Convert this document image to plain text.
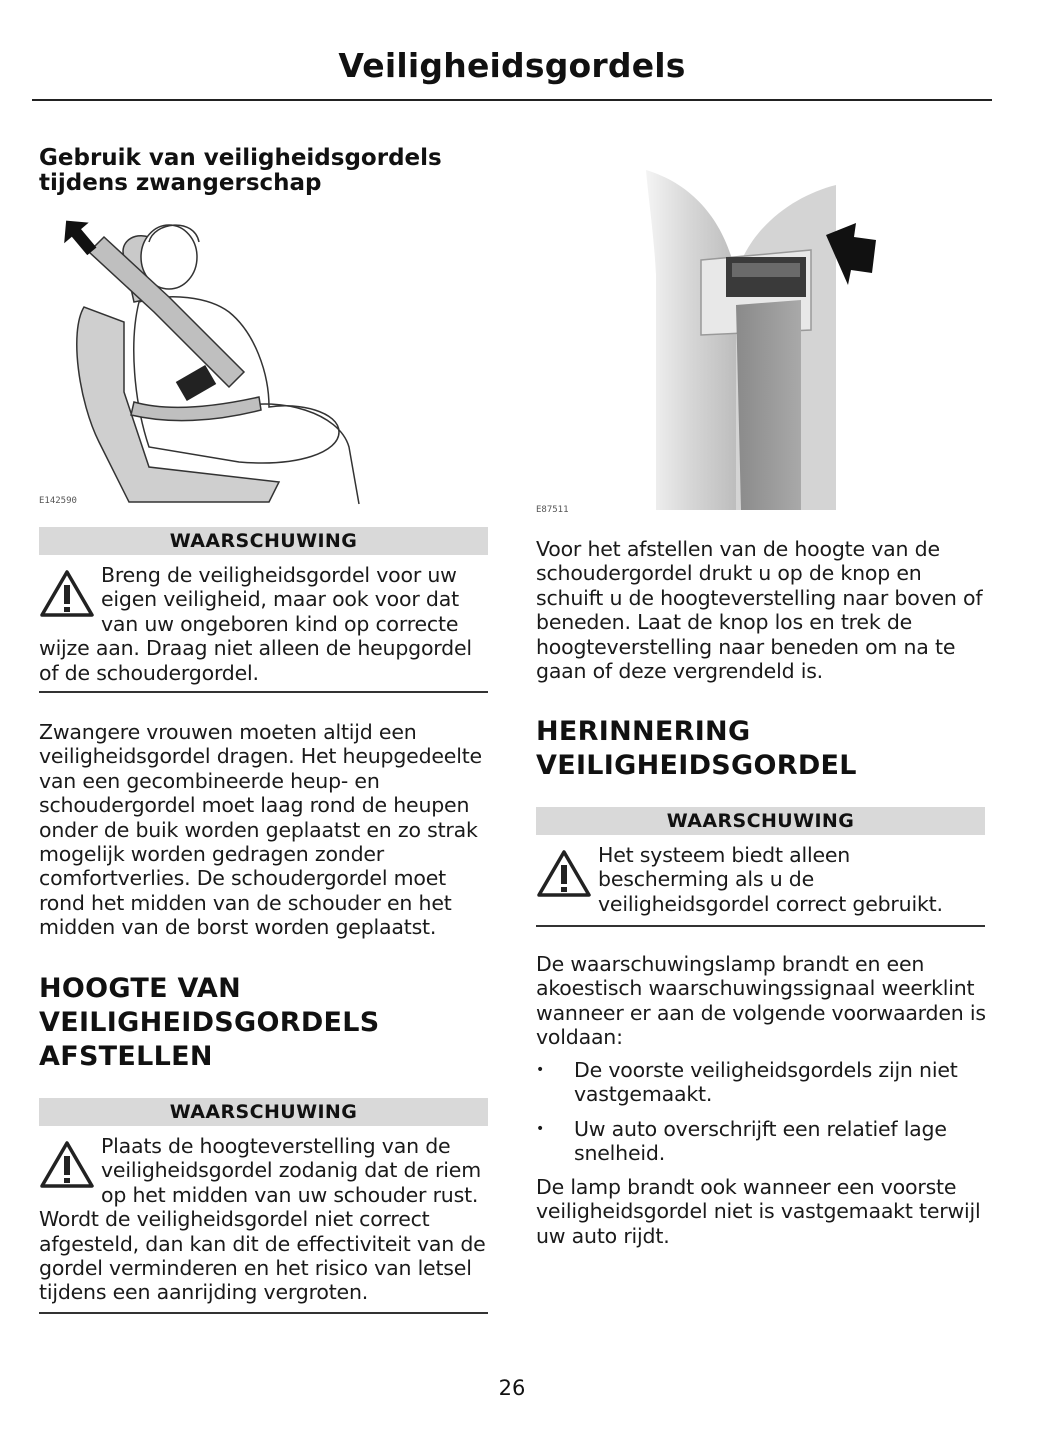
Veiligheidsgordels
Gebruik van veiligheidsgordels
tijdens zwangerschap
E142590
WAARSCHUWING

Breng de veiligheidsgordel voor uw eigen veiligheid, maar ook voor dat van uw ongeboren kind op correcte wijze aan. Draag niet alleen de heupgordel of de schoudergordel.

Zwangere vrouwen moeten altijd een veiligheidsgordel dragen. Het heupgedeelte van een gecombineerde heup- en schoudergordel moet laag rond de heupen onder de buik worden geplaatst en zo strak mogelijk worden gedragen zonder comfortverlies. De schoudergordel moet rond het midden van de schouder en het midden van de borst worden geplaatst.

HOOGTE VAN
VEILIGHEIDSGORDELS
AFSTELLEN
WAARSCHUWING

Plaats de hoogteverstelling van de veiligheidsgordel zodanig dat de riem op het midden van uw schouder rust. Wordt de veiligheidsgordel niet correct afgesteld, dan kan dit de effectiviteit van de gordel verminderen en het risico van letsel tijdens een aanrijding vergroten.

E87511

Voor het afstellen van de hoogte van de schoudergordel drukt u op de knop en schuift u de hoogteverstelling naar boven of beneden. Laat de knop los en trek de hoogteverstelling naar beneden om na te gaan of deze vergrendeld is.

HERINNERING
VEILIGHEIDSGORDEL
WAARSCHUWING

Het systeem biedt alleen bescherming als u de veiligheidsgordel correct gebruikt.

De waarschuwingslamp brandt en een akoestisch waarschuwingssignaal weerklint wanneer er aan de volgende voorwaarden is voldaan:

• De voorste veiligheidsgordels zijn niet vastgemaakt.
• Uw auto overschrijft een relatief lage snelheid.

De lamp brandt ook wanneer een voorste veiligheidsgordel niet is vastgemaakt terwijl uw auto rijdt.

26
